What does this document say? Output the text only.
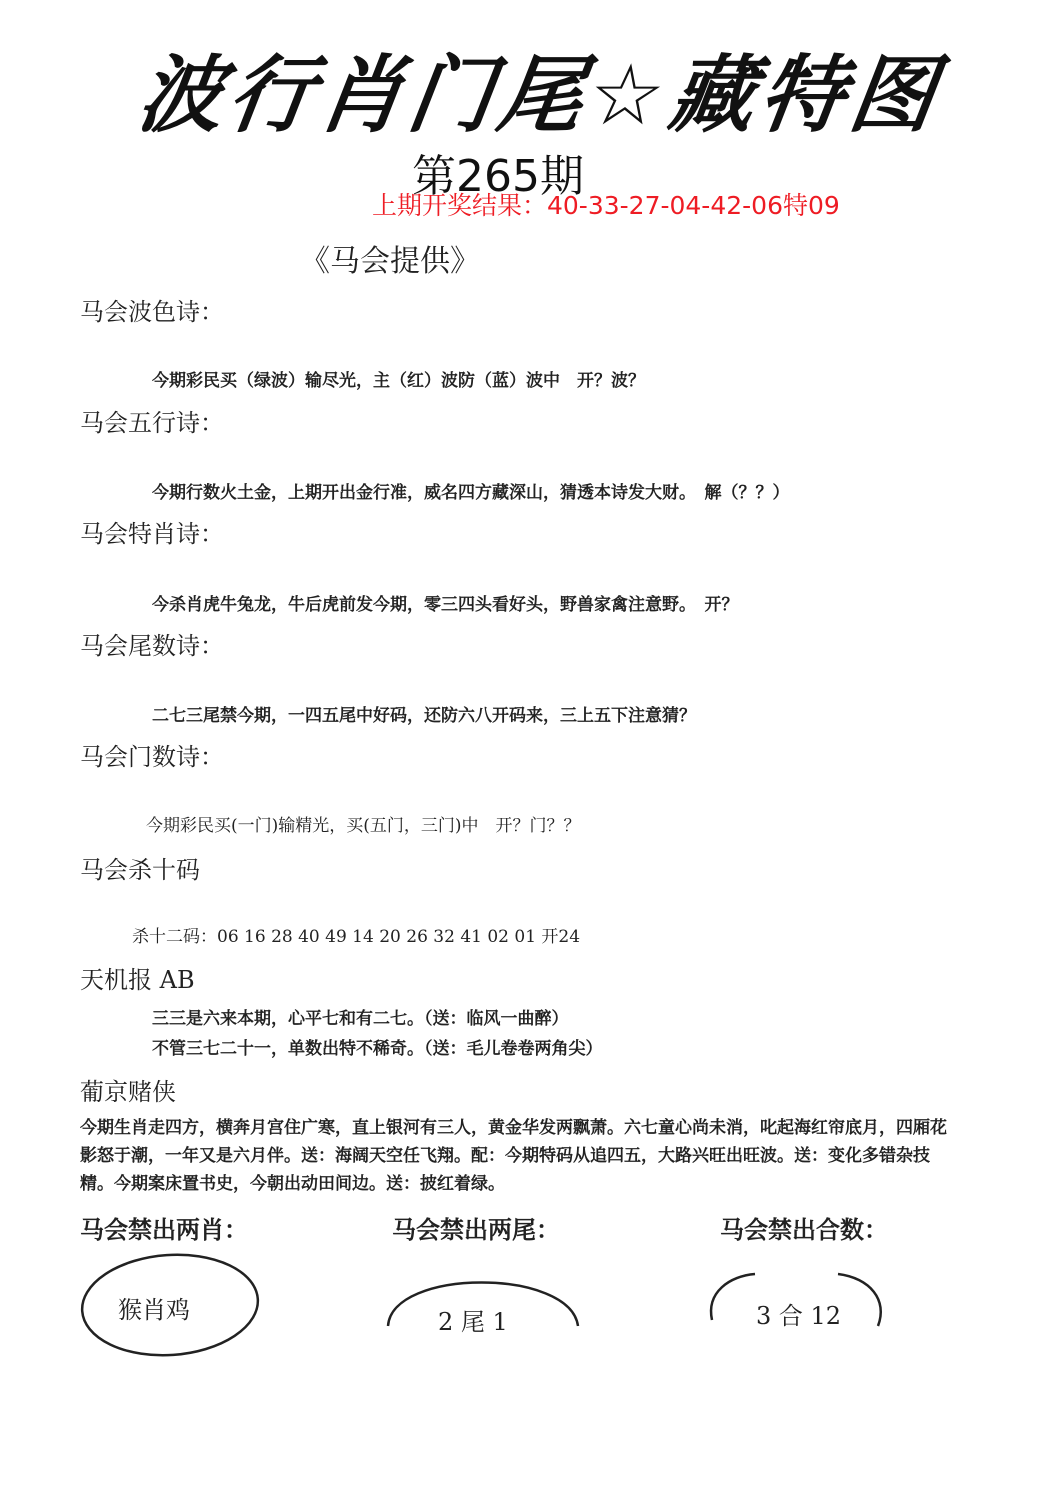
波行肖门尾☆藏特图
第265期
上期开奖结果：40-33-27-04-42-06特09
《马会提供》
马会波色诗：
今期彩民买（绿波）输尽光，主（红）波防（蓝）波中　开？波？
马会五行诗：
今期行数火土金，上期开出金行准，威名四方藏深山，猜透本诗发大财。　解（？？）
马会特肖诗：
今杀肖虎牛兔龙，牛后虎前发今期，零三四头看好头，野兽家禽注意野。　开？
马会尾数诗：
二七三尾禁今期，一四五尾中好码，还防六八开码来，三上五下注意猜？
马会门数诗：
今期彩民买(一门)输精光，买(五门，三门)中　开？门？？
马会杀十码
杀十二码：06 16 28 40 49 14 20 26 32 41 02 01 开24
天机报 AB
三三是六来本期，心平七和有二七。（送：临风一曲醉）
不管三七二十一，单数出特不稀奇。（送：毛儿卷卷两角尖）
葡京赌侠
今期生肖走四方，横奔月宫住广寒，直上银河有三人，黄金华发两飘萧。六七童心尚未消，叱起海红帘底月，四厢花影怒于潮，一年又是六月伴。送：海阔天空任飞翔。配：今期特码从追四五，大路兴旺出旺波。送：变化多错杂技精。今期案床置书史，今朝出动田间边。送：披红着绿。
马会禁出两肖：	马会禁出两尾：	马会禁出合数：
猴肖鸡	2 尾 1	3 合 12
